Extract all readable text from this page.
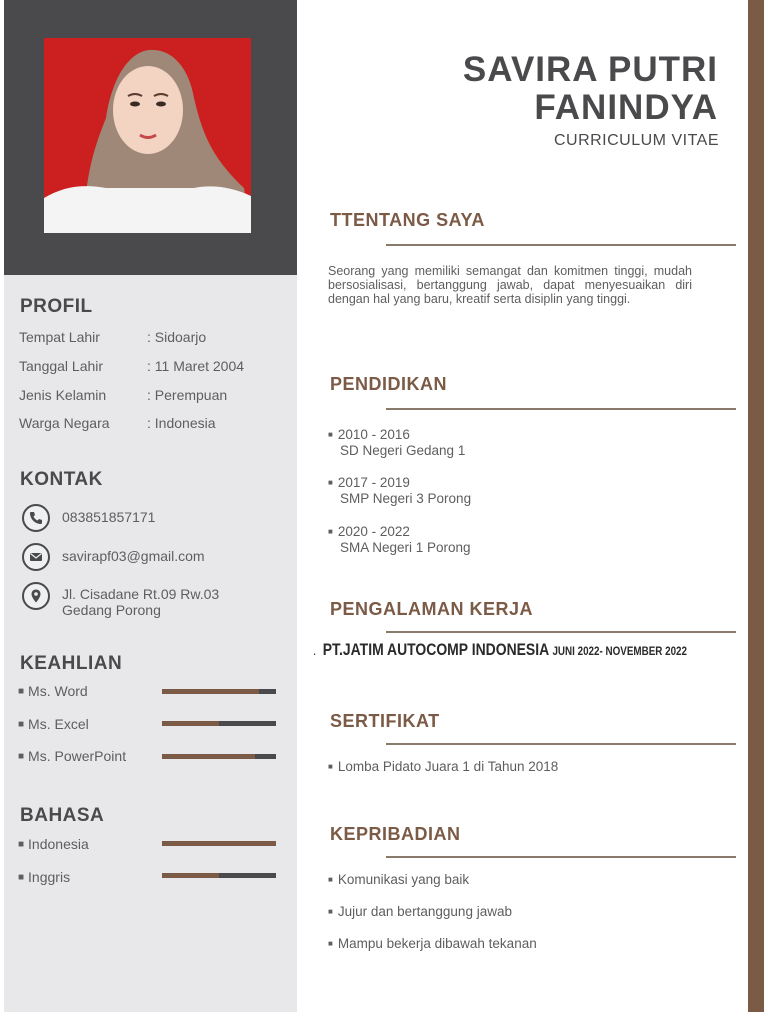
PROFIL
Tempat Lahir	: Sidoarjo
Tanggal Lahir	: 11 Maret 2004
Jenis Kelamin	: Perempuan
Warga Negara	: Indonesia
KONTAK
083851857171
savirapf03@gmail.com
Jl. Cisadane Rt.09 Rw.03
Gedang Porong
KEAHLIAN
■ Ms. Word
■ Ms. Excel
■ Ms. PowerPoint
BAHASA
■ Indonesia
■ Inggris
SAVIRA PUTRI
FANINDYA
CURRICULUM VITAE
TTENTANG SAYA
Seorang yang memiliki semangat dan komitmen tinggi, mudah bersosialisasi, bertanggung jawab, dapat menyesuaikan diri dengan hal yang baru, kreatif serta disiplin yang tinggi.
PENDIDIKAN
■ 2010 - 2016
SD Negeri Gedang 1
■ 2017 - 2019
SMP Negeri 3 Porong
■ 2020 - 2022
SMA Negeri 1 Porong
PENGALAMAN KERJA
. PT.JATIM AUTOCOMP INDONESIA JUNI 2022- NOVEMBER 2022
SERTIFIKAT
■ Lomba Pidato Juara 1 di Tahun 2018
KEPRIBADIAN
■ Komunikasi yang baik
■ Jujur dan bertanggung jawab
■ Mampu bekerja dibawah tekanan
